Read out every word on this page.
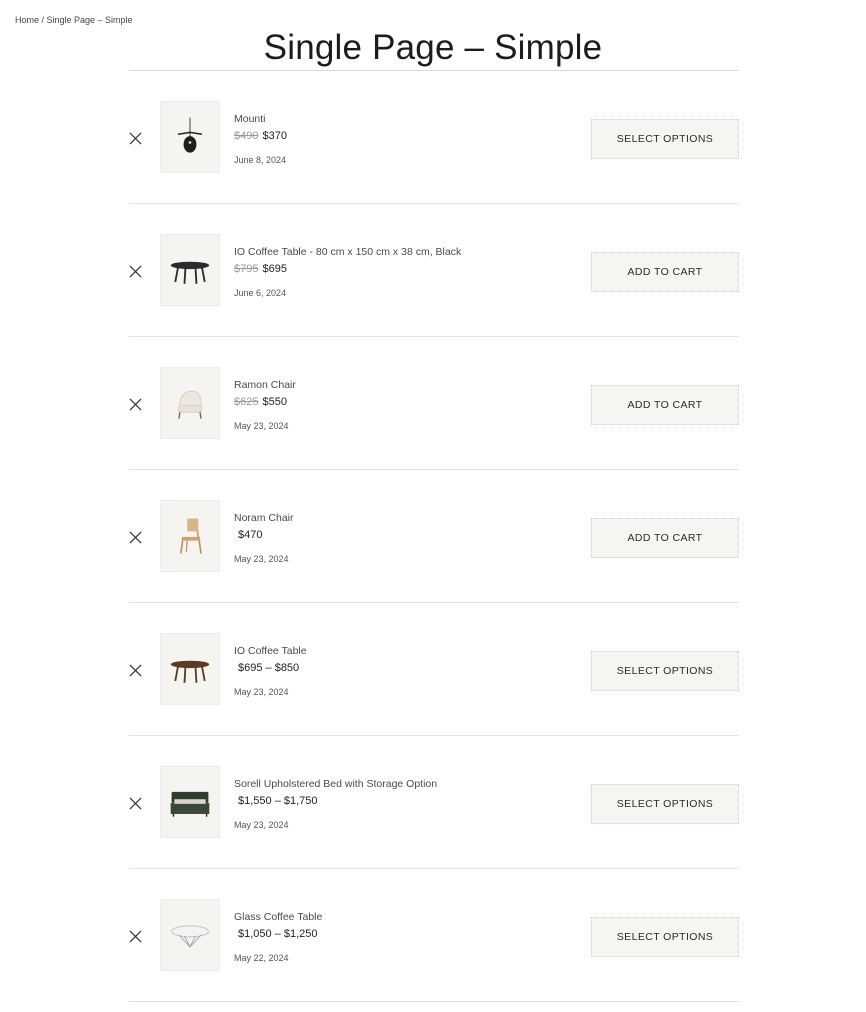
Home / Single Page – Simple
Single Page – Simple
Mounti
$490 $370
June 8, 2024
SELECT OPTIONS
IO Coffee Table - 80 cm x 150 cm x 38 cm, Black
$795 $695
June 6, 2024
ADD TO CART
Ramon Chair
$625 $550
May 23, 2024
ADD TO CART
Noram Chair
$470
May 23, 2024
ADD TO CART
IO Coffee Table
$695 – $850
May 23, 2024
SELECT OPTIONS
Sorell Upholstered Bed with Storage Option
$1,550 – $1,750
May 23, 2024
SELECT OPTIONS
Glass Coffee Table
$1,050 – $1,250
May 22, 2024
SELECT OPTIONS
